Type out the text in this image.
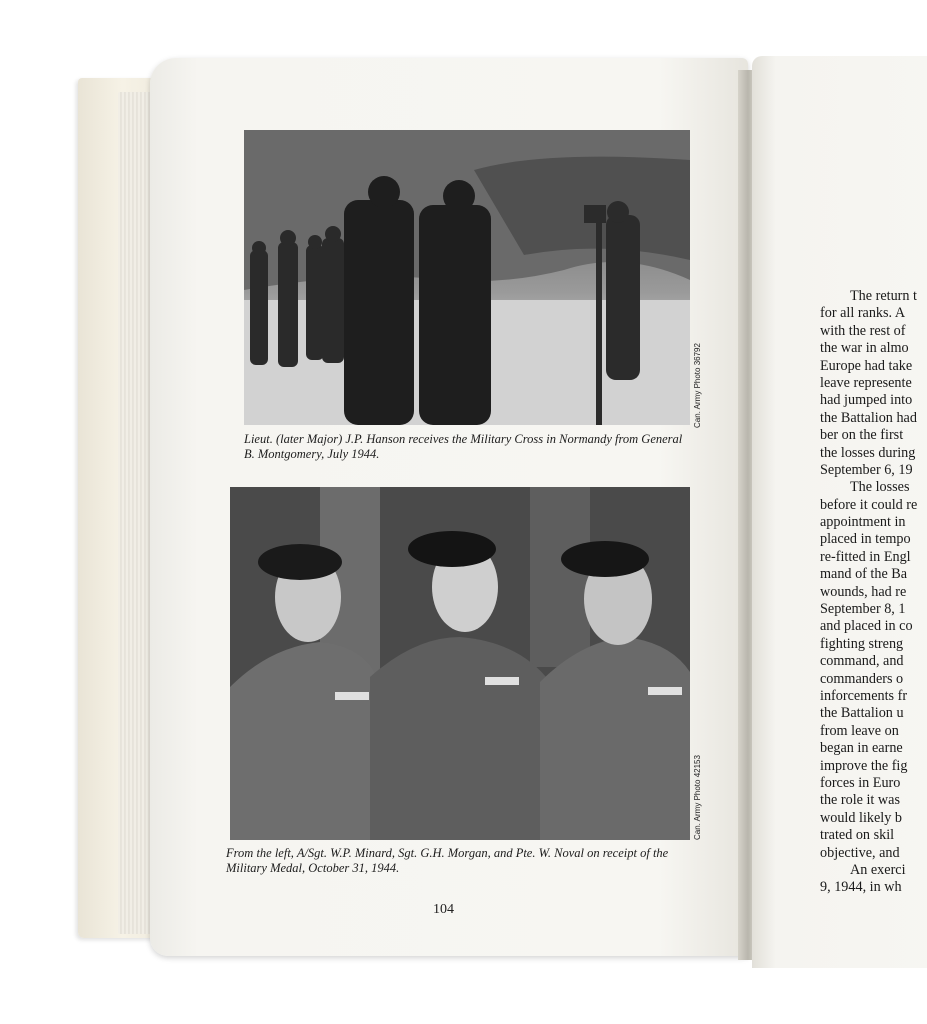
Can. Army Photo 36792
Lieut. (later Major) J.P. Hanson receives the Military Cross in Normandy from General B. Montgomery, July 1944.
Can. Army Photo 42153
From the left, A/Sgt. W.P. Minard, Sgt. G.H. Morgan, and Pte. W. Noval on receipt of the Military Medal, October 31, 1944.
104
The return t
for all ranks. A
with the rest of
the war in almo
Europe had take
leave represente
had jumped into
the Battalion had
ber on the first
the losses during
September 6, 19
The losses
before it could re
appointment in
placed in tempo
re-fitted in Engl
mand of the Ba
wounds, had re
September 8, 1
and placed in co
fighting streng
command, and
commanders o
inforcements fr
the Battalion u
from leave on
began in earne
improve the fig
forces in Euro
the role it was
would likely b
trated on skil
objective, and
An exerci
9, 1944, in wh
